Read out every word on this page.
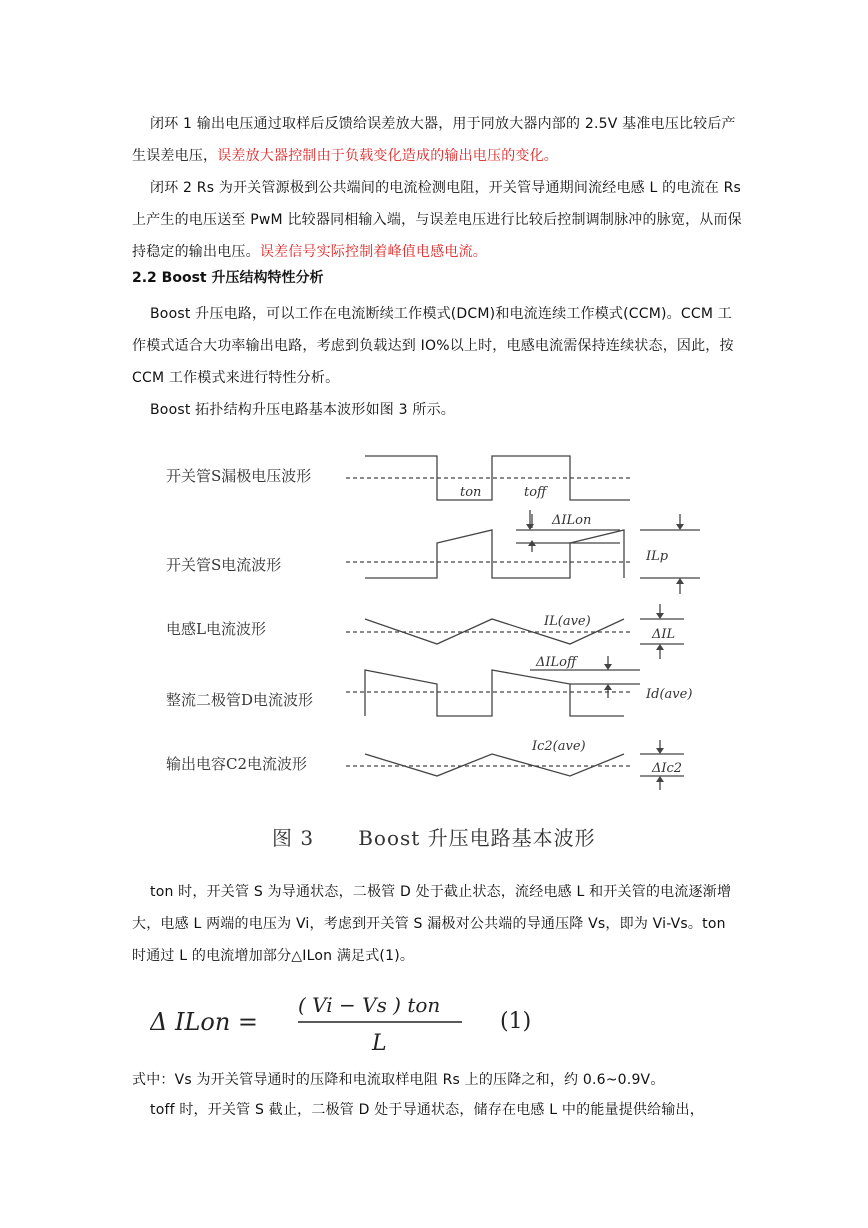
闭环 1 输出电压通过取样后反馈给误差放大器，用于同放大器内部的 2.5V 基准电压比较后产生误差电压，误差放大器控制由于负载变化造成的输出电压的变化。
闭环 2 Rs 为开关管源极到公共端间的电流检测电阻，开关管导通期间流经电感 L 的电流在 Rs 上产生的电压送至 PwM 比较器同相输入端，与误差电压进行比较后控制调制脉冲的脉宽，从而保持稳定的输出电压。误差信号实际控制着峰值电感电流。
2.2 Boost 升压结构特性分析
Boost 升压电路，可以工作在电流断续工作模式(DCM)和电流连续工作模式(CCM)。CCM 工作模式适合大功率输出电路，考虑到负载达到 IO%以上时，电感电流需保持连续状态，因此，按 CCM 工作模式来进行特性分析。
Boost 拓扑结构升压电路基本波形如图 3 所示。
开关管S漏极电压波形
开关管S电流波形
电感L电流波形
整流二极管D电流波形
输出电容C2电流波形
ton	toff
ΔILon
ILp
IL(ave)
ΔIL
ΔILoff
Id(ave)
Ic2(ave)
ΔIc2
图 3      Boost 升压电路基本波形
ton 时，开关管 S 为导通状态，二极管 D 处于截止状态，流经电感 L 和开关管的电流逐渐增大，电感 L 两端的电压为 Vi，考虑到开关管 S 漏极对公共端的导通压降 Vs，即为 Vi-Vs。ton 时通过 L 的电流增加部分△ILon 满足式(1)。
Δ ILon =
( Vi − Vs ) ton
L
(1)
式中：Vs 为开关管导通时的压降和电流取样电阻 Rs 上的压降之和，约 0.6~0.9V。
toff 时，开关管 S 截止，二极管 D 处于导通状态，储存在电感 L 中的能量提供给输出，
